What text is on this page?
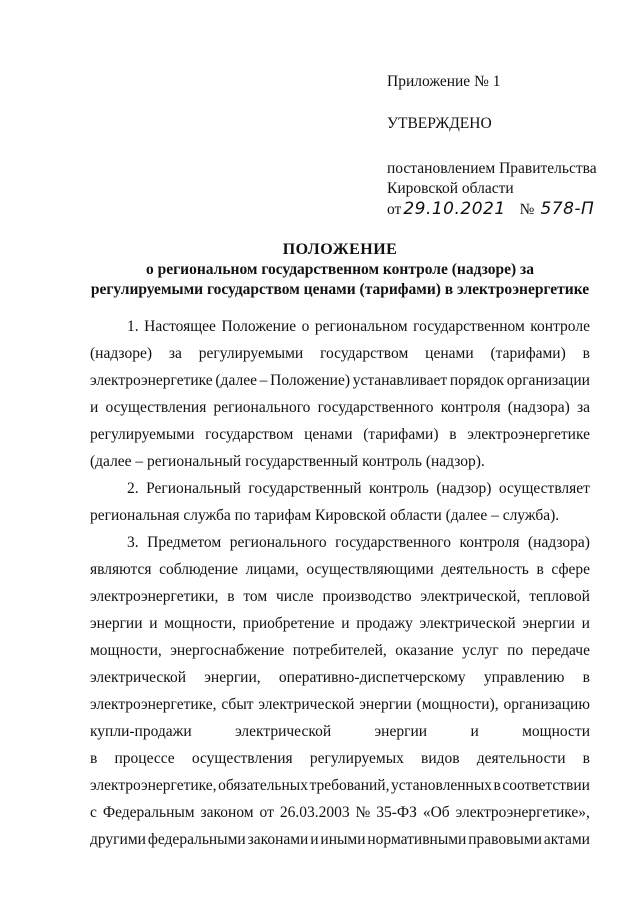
Приложение № 1
УТВЕРЖДЕНО
постановлением Правительства
Кировской области
от 29.10.2021 № 578-П
ПОЛОЖЕНИЕ
о региональном государственном контроле (надзоре) за
регулируемыми государством ценами (тарифами) в электроэнергетике
1. Настоящее Положение о региональном государственном контроле
(надзоре) за регулируемыми государством ценами (тарифами) в
электроэнергетике (далее – Положение) устанавливает порядок организации
и осуществления регионального государственного контроля (надзора) за
регулируемыми государством ценами (тарифами) в электроэнергетике
(далее – региональный государственный контроль (надзор).
2. Региональный государственный контроль (надзор) осуществляет
региональная служба по тарифам Кировской области (далее – служба).
3. Предметом регионального государственного контроля (надзора)
являются соблюдение лицами, осуществляющими деятельность в сфере
электроэнергетики, в том числе производство электрической, тепловой
энергии и мощности, приобретение и продажу электрической энергии и
мощности, энергоснабжение потребителей, оказание услуг по передаче
электрической энергии, оперативно-диспетчерскому управлению в
электроэнергетике, сбыт электрической энергии (мощности), организацию
купли-продажи	электрической	энергии	и	мощности
в процессе осуществления регулируемых видов деятельности в
электроэнергетике, обязательных требований, установленных в соответствии
с Федеральным законом от 26.03.2003 № 35-ФЗ «Об электроэнергетике»,
другими федеральными законами и иными нормативными правовыми актами
